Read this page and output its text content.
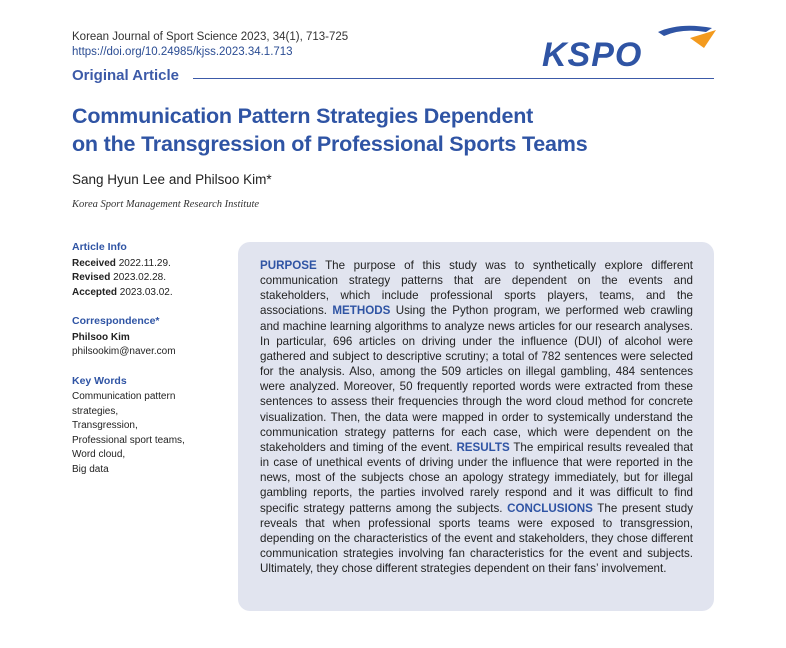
Korean Journal of Sport Science 2023, 34(1), 713-725
https://doi.org/10.24985/kjss.2023.34.1.713	KSPO
Original Article
Communication Pattern Strategies Dependent
on the Transgression of Professional Sports Teams
Sang Hyun Lee and Philsoo Kim*
Korea Sport Management Research Institute
Article Info
Received 2022.11.29.
Revised 2023.02.28.
Accepted 2023.03.02.
Correspondence*
Philsoo Kim
philsookim@naver.com
Key Words
Communication pattern
strategies,
Transgression,
Professional sport teams,
Word cloud,
Big data
PURPOSE The purpose of this study was to synthetically explore different communication strategy patterns that are dependent on the events and stakeholders, which include professional sports players, teams, and the associations. METHODS Using the Python program, we performed web crawling and machine learning algorithms to analyze news articles for our research analyses. In particular, 696 articles on driving under the influence (DUI) of alcohol were gathered and subject to descriptive scrutiny; a total of 782 sentences were selected for the analysis. Also, among the 509 articles on illegal gambling, 484 sentences were analyzed. Moreover, 50 frequently reported words were extracted from these sentences to assess their frequencies through the word cloud method for concrete visualization. Then, the data were mapped in order to systemically understand the communication strategy patterns for each case, which were dependent on the stakeholders and timing of the event. RESULTS The empirical results revealed that in case of unethical events of driving under the influence that were reported in the news, most of the subjects chose an apology strategy immediately, but for illegal gambling reports, the parties involved rarely respond and it was difficult to find specific strategy patterns among the subjects. CONCLUSIONS The present study reveals that when professional sports teams were exposed to transgression, depending on the characteristics of the event and stakeholders, they chose different communication strategies involving fan characteristics for the event and subjects. Ultimately, they chose different strategies dependent on their fans’ involvement.
